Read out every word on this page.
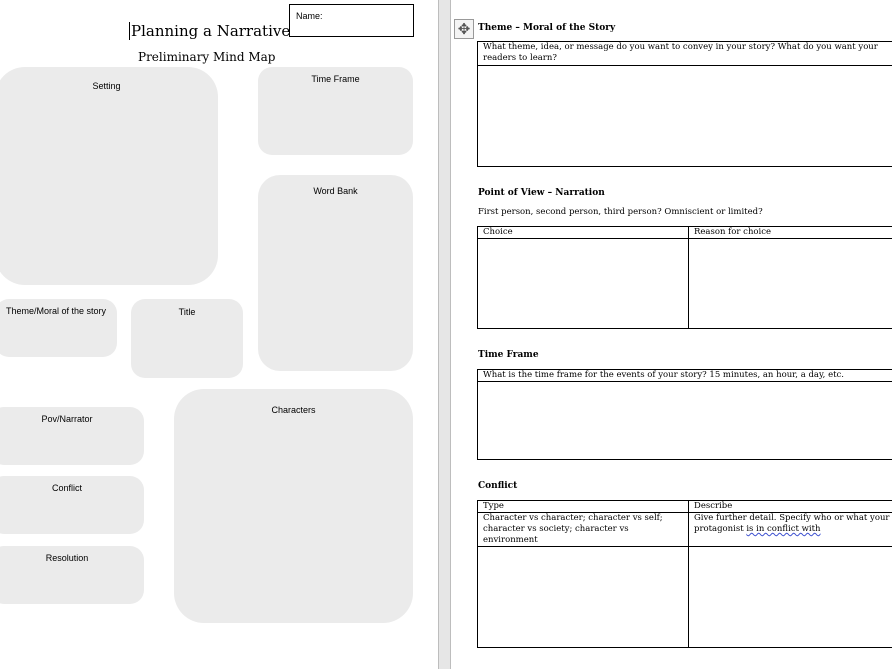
Planning a Narrative
Preliminary Mind Map
Name:
Setting
Time Frame
Word Bank
Theme/Moral of the story	Title
Pov/Narrator
Characters
Conflict
Resolution
✥ Theme – Moral of the Story
What theme, idea, or message do you want to convey in your story? What do you want your readers to learn?

Point of View – Narration
First person, second person, third person? Omniscient or limited?
Choice	Reason for choice

Time Frame
What is the time frame for the events of your story? 15 minutes, an hour, a day, etc.

Conflict
Type	Describe
Character vs character; character vs self; character vs society; character vs environment	Give further detail. Specify who or what your protagonist is in conflict with
